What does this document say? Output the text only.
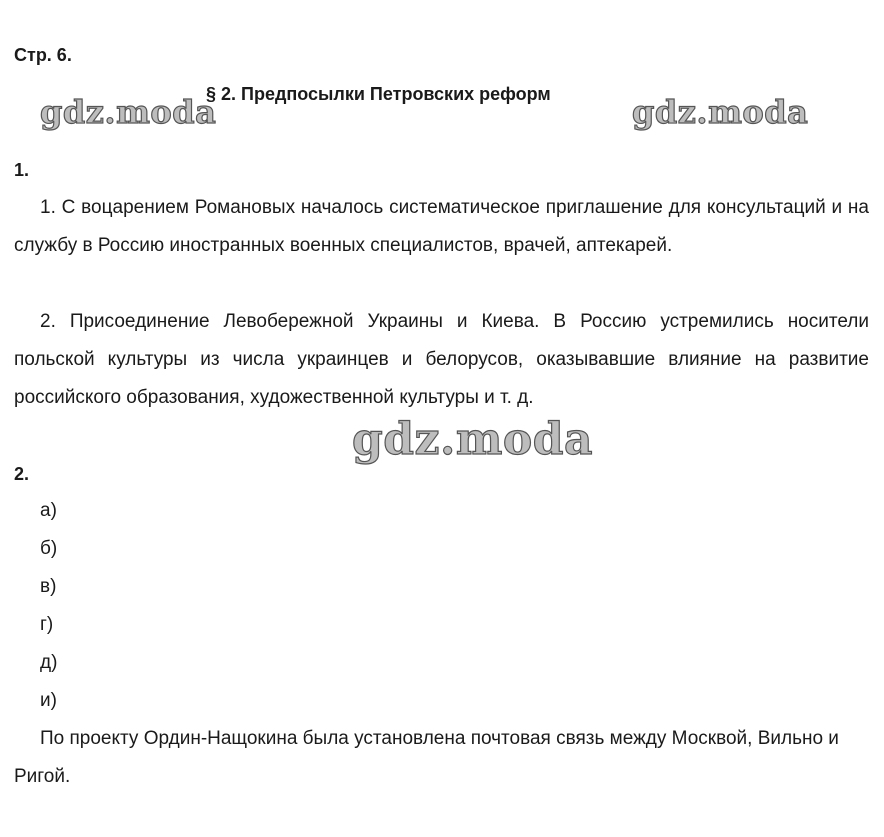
Стр. 6.
§ 2. Предпосылки Петровских реформ
gdz.moda	gdz.moda
1.

1. С воцарением Романовых началось систематическое приглашение для консультаций и на службу в Россию иностранных военных специалистов, врачей, аптекарей.

2. Присоединение Левобережной Украины и Киева. В Россию устремились носители польской культуры из числа украинцев и белорусов, оказывавшие влияние на развитие российского образования, художественной культуры и т. д.

gdz.moda
2.
а)
б)
в)
г)
д)
и)

По проекту Ордин-Нащокина была установлена почтовая связь между Москвой, Вильно и Ригой.
